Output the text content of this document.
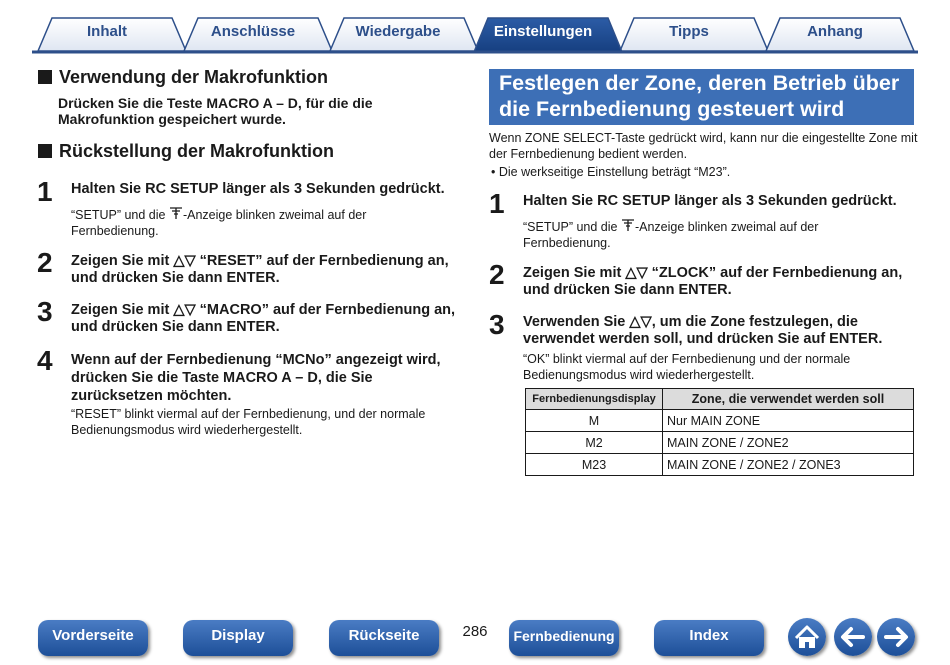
Inhalt	Anschlüsse	Wiedergabe	Einstellungen	Tipps	Anhang
Verwendung der Makrofunktion
Drücken Sie die Teste MACRO A – D, für die die Makrofunktion gespeichert wurde.
Rückstellung der Makrofunktion
1 Halten Sie RC SETUP länger als 3 Sekunden gedrückt.
“SETUP” und die -Anzeige blinken zweimal auf der Fernbedienung.
2 Zeigen Sie mit △▽ “RESET” auf der Fernbedienung an, und drücken Sie dann ENTER.
3 Zeigen Sie mit △▽ “MACRO” auf der Fernbedienung an, und drücken Sie dann ENTER.
4 Wenn auf der Fernbedienung “MCNo” angezeigt wird, drücken Sie die Taste MACRO A – D, die Sie zurücksetzen möchten.
“RESET” blinkt viermal auf der Fernbedienung, und der normale Bedienungsmodus wird wiederhergestellt.
Festlegen der Zone, deren Betrieb über
die Fernbedienung gesteuert wird
Wenn ZONE SELECT-Taste gedrückt wird, kann nur die eingestellte Zone mit der Fernbedienung bedient werden.
• Die werkseitige Einstellung beträgt “M23”.
1 Halten Sie RC SETUP länger als 3 Sekunden gedrückt.
“SETUP” und die -Anzeige blinken zweimal auf der Fernbedienung.
2 Zeigen Sie mit △▽ “ZLOCK” auf der Fernbedienung an, und drücken Sie dann ENTER.
3 Verwenden Sie △▽, um die Zone festzulegen, die verwendet werden soll, und drücken Sie auf ENTER.
“OK” blinkt viermal auf der Fernbedienung und der normale Bedienungsmodus wird wiederhergestellt.
Fernbedienungsdisplay	Zone, die verwendet werden soll
M	Nur MAIN ZONE
M2	MAIN ZONE / ZONE2
M23	MAIN ZONE / ZONE2 / ZONE3
Vorderseite	Display	Rückseite	286	Fernbedienung	Index
